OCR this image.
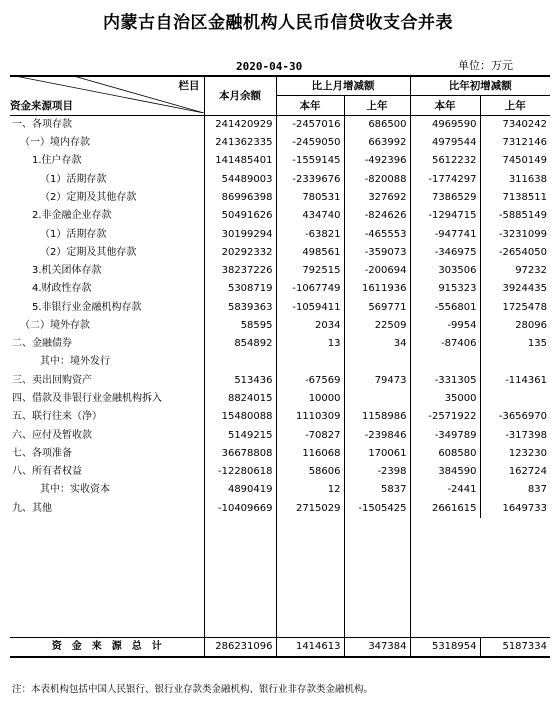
内蒙古自治区金融机构人民币信贷收支合并表
2020-04-30	单位：万元
栏目	本月余额	比上月增减额		比年初增减额	
资金来源项目		本年	上年	本年	上年
一、各项存款	241420929	-2457016	686500	4969590	7340242
（一）境内存款	241362335	-2459050	663992	4979544	7312146
1.住户存款	141485401	-1559145	-492396	5612232	7450149
（1）活期存款	54489003	-2339676	-820088	-1774297	311638
（2）定期及其他存款	86996398	780531	327692	7386529	7138511
2.非金融企业存款	50491626	434740	-824626	-1294715	-5885149
（1）活期存款	30199294	-63821	-465553	-947741	-3231099
（2）定期及其他存款	20292332	498561	-359073	-346975	-2654050
3.机关团体存款	38237226	792515	-200694	303506	97232
4.财政性存款	5308719	-1067749	1611936	915323	3924435
5.非银行业金融机构存款	5839363	-1059411	569771	-556801	1725478
（二）境外存款	58595	2034	22509	-9954	28096
二、金融债券	854892	13	34	-87406	135
其中：境外发行					
三、卖出回购资产	513436	-67569	79473	-331305	-114361
四、借款及非银行业金融机构拆入	8824015	10000		35000	
五、联行往来（净）	15480088	1110309	1158986	-2571922	-3656970
六、应付及暂收款	5149215	-70827	-239846	-349789	-317398
七、各项准备	36678808	116068	170061	608580	123230
八、所有者权益	-12280618	58606	-2398	384590	162724
其中：实收资本	4890419	12	5837	-2441	837
九、其他	-10409669	2715029	-1505425	2661615	1649733

资　金　来　源　总　计	286231096	1414613	347384	5318954	5187334
注：本表机构包括中国人民银行、银行业存款类金融机构、银行业非存款类金融机构。
